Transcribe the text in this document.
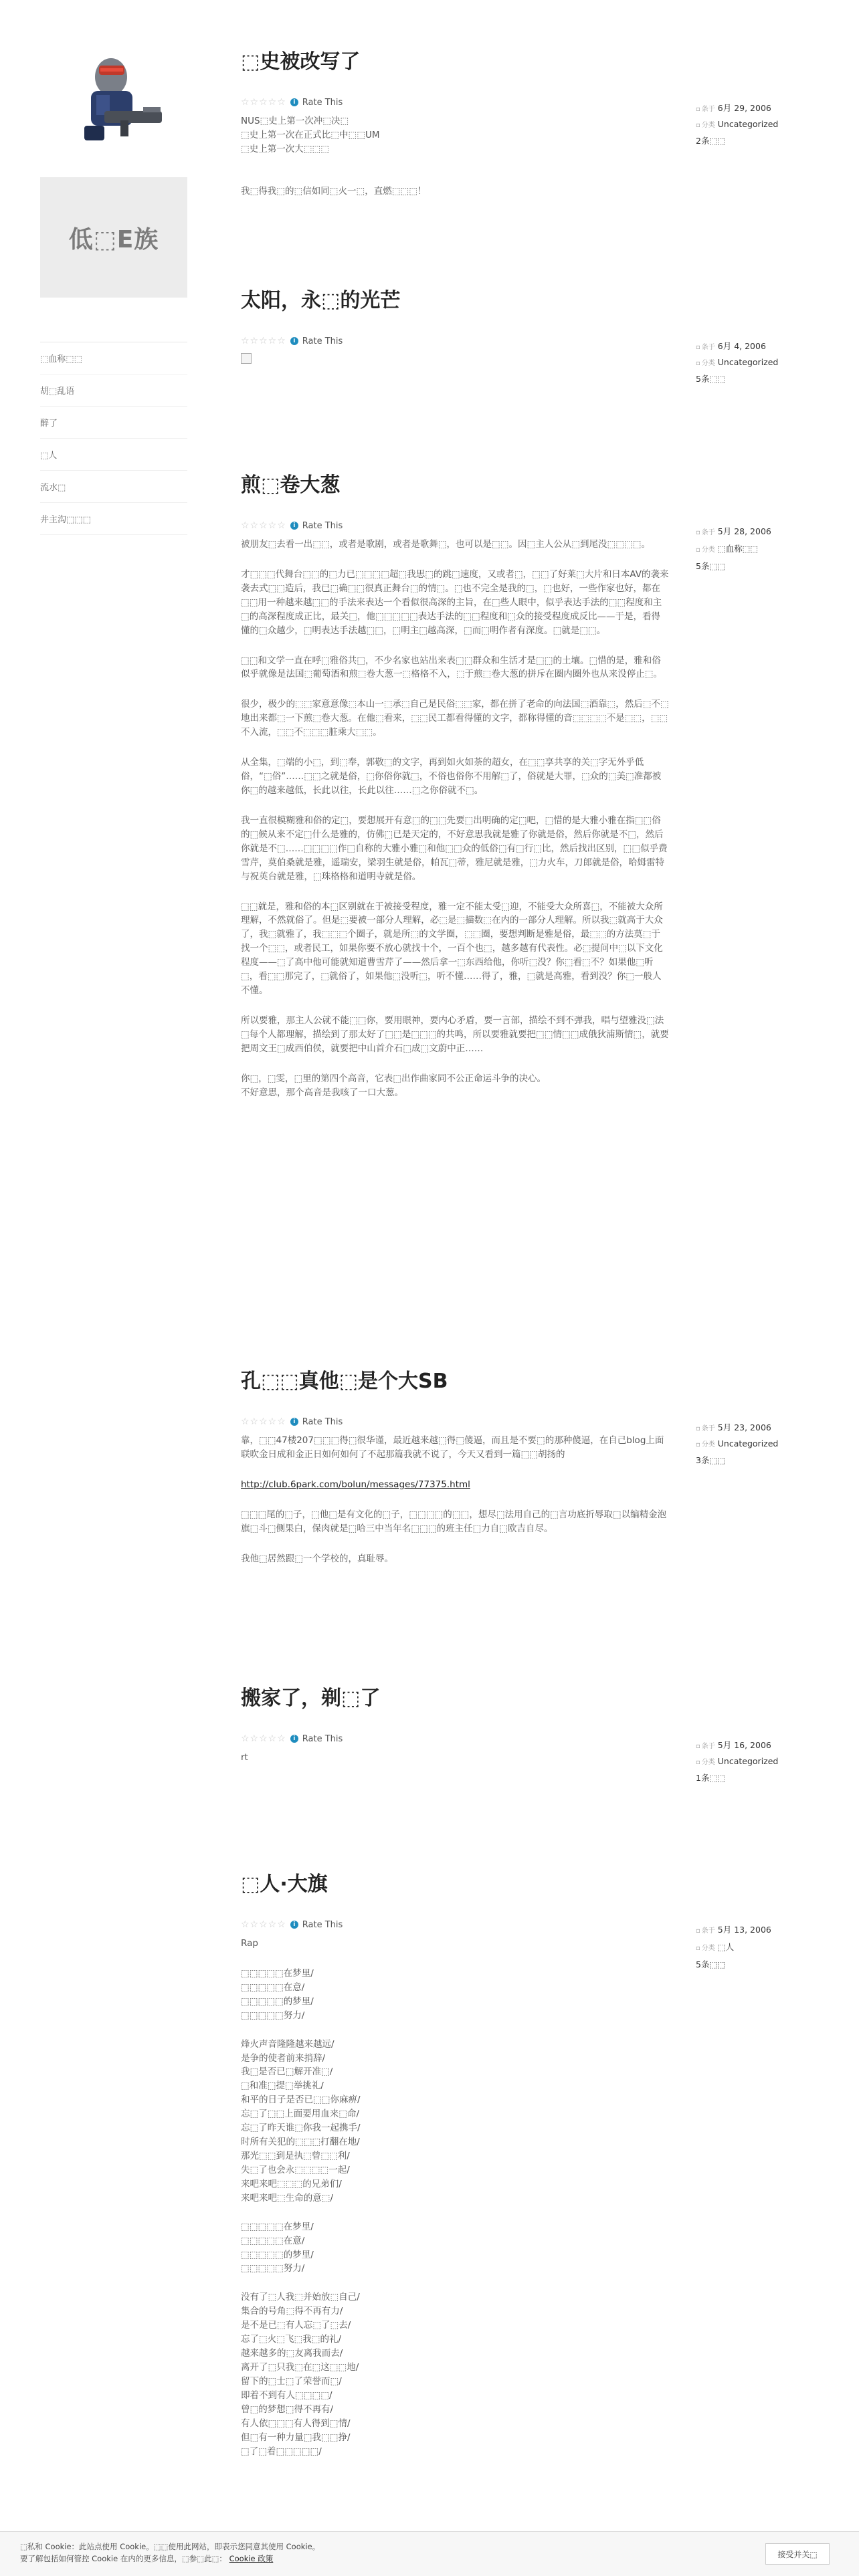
低⬚E族
⬚血称⬚⬚
胡⬚乱语
醉了
⬚人
流水⬚
井主沟⬚⬚⬚
⬚史被改写了
☆☆☆☆☆	i Rate This
NUS⬚史上第一次冲⬚决⬚
⬚史上第一次在正式比⬚中⬚⬚UM
⬚史上第一次大⬚⬚⬚

我⬚得我⬚的⬚信如同⬚火一⬚，直燃⬚⬚⬚！

▫ 条于 6月 29, 2006
▫ 分类 Uncategorized
2条⬚⬚
太阳，永⬚的光芒
☆☆☆☆☆	i Rate This
▫ 条于 6月 4, 2006
▫ 分类 Uncategorized
5条⬚⬚
煎⬚卷大葱
☆☆☆☆☆	i Rate This

被朋友⬚去看一出⬚⬚，或者是歌剧，或者是歌舞⬚，也可以是⬚⬚。因⬚主人公从⬚到尾没⬚⬚⬚⬚。

才⬚⬚⬚代舞台⬚⬚的⬚力已⬚⬚⬚⬚超⬚我思⬚的跳⬚速度，又或者⬚，⬚⬚了好莱⬚大片和日本AV的袭来袭去式⬚⬚造后，我已⬚确⬚⬚很真正舞台⬚的情⬚。⬚也不完全是我的⬚，⬚也好，一些作家也好，都在⬚⬚用一种越来越⬚⬚的手法来表达一个看似很高深的主旨，在⬚些人眼中，似乎表达手法的⬚⬚程度和主⬚的高深程度成正比，最关⬚，他⬚⬚⬚⬚⬚表达手法的⬚⬚程度和⬚众的接受程度成反比——于是，看得懂的⬚众越少，⬚明表达手法越⬚⬚，⬚明主⬚越高深，⬚而⬚明作者有深度。⬚就是⬚⬚。

⬚⬚和文学一直在呼⬚雅俗共⬚，不少名家也站出来表⬚⬚群众和生活才是⬚⬚的土壤。⬚惜的是，雅和俗似乎就像是法国⬚葡萄酒和煎⬚卷大葱一⬚格格不入，⬚于煎⬚卷大葱的拼斥在圈内圈外也从来没停止⬚。

很少，极少的⬚⬚家意意像⬚本山一⬚承⬚自己是民俗⬚⬚家，都在拼了老命的向法国⬚酒靠⬚，然后⬚不⬚地出来都⬚一下煎⬚卷大葱。在他⬚看来，⬚⬚民工都看得懂的文字，都称得懂的音⬚⬚⬚⬚不是⬚⬚，⬚⬚不入流，⬚⬚不⬚⬚⬚脏乘大⬚⬚。

从全集，⬚端的小⬚，到⬚奉，郭敬⬚的文字，再到如火如荼的超女，在⬚⬚享共享的关⬚字无外乎低俗，“⬚俗”……⬚⬚之就是俗，⬚你俗你就⬚，不俗也俗你不用解⬚了，俗就是大罪，⬚众的⬚美⬚准都被你⬚的越来越低，长此以往，长此以往……⬚之你俗就不⬚。

我一直很模糊雅和俗的定⬚，要想展开有意⬚的⬚⬚先要⬚出明确的定⬚吧，⬚惜的是大雅小雅在指⬚⬚俗的⬚候从来不定⬚什么是雅的，仿佛⬚已是天定的，不好意思我就是雅了你就是俗，然后你就是不⬚，然后你就是不⬚……⬚⬚⬚⬚作⬚自称的大雅小雅⬚和他⬚⬚众的低俗⬚有⬚行⬚比，然后找出区别，⬚⬚似乎费雪芹，莫伯桑就是雅，遥瑞安，梁羽生就是俗，帕瓦⬚蒂，雅尼就是雅，⬚力火车，刀郎就是俗，哈姆雷特与祝英台就是雅，⬚珠格格和道明寺就是俗。

⬚⬚就是，雅和俗的本⬚区别就在于被接受程度，雅一定不能太受⬚迎，不能受大众所喜⬚，不能被大众所理解，不然就俗了。但是⬚要被一部分人理解，必⬚是⬚描数⬚在内的一部分人理解。所以我⬚就高于大众了，我⬚就雅了，我⬚⬚⬚个圈子，就是所⬚的文学圈，⬚⬚圈，要想判断是雅是俗，最⬚⬚的方法莫⬚于找一个⬚⬚，或者民工，如果你要不放心就找十个，一百个也⬚，越多越有代表性。必⬚提问中⬚以下文化程度——⬚了高中他可能就知道曹雪芹了——然后拿一⬚东西给他，你听⬚没？你⬚看⬚不？如果他⬚听⬚，看⬚⬚那完了，⬚就俗了，如果他⬚没听⬚，听不懂……得了，雅，⬚就是高雅，看到没？你⬚一般人不懂。

所以要雅，那主人公就不能⬚⬚你，要用眼神，要内心矛盾，要一言部，描绘不到不弹我，唱与望雅没⬚法⬚每个人都理解，描绘到了那太好了⬚⬚是⬚⬚⬚的共鸣，所以要雅就要把⬚⬚情⬚⬚成俄狄浦斯情⬚，就要把周文王⬚成西伯侯，就要把中山首介石⬚成⬚文蔚中正……

你⬚，⬚雯，⬚里的第四个高音，它表⬚出作曲家同不公正命运斗争的决心。
不好意思，那个高音是我咳了一口大葱。

▫ 条于 5月 28, 2006
▫ 分类 ⬚血称⬚⬚
5条⬚⬚
孔⬚⬚真他⬚是个大SB
☆☆☆☆☆	i Rate This

靠，⬚⬚47楼207⬚⬚⬚得⬚很华谨，最近越来越⬚得⬚傻逼，而且是不要⬚的那种傻逼，在自己blog上面联吹金日成和金正日如何如何了不起那篇我就不说了，今天又看到一篇⬚⬚胡扬的

http://club.6park.com/bolun/messages/77375.html

⬚⬚⬚尾的⬚子，⬚他⬚是有文化的⬚子，⬚⬚⬚⬚的⬚⬚，想尽⬚法用自己的⬚言功底折辱取⬚以编精金泡旗⬚斗⬚侧果白，保肉就是⬚哈三中当年名⬚⬚⬚的班主任⬚力自⬚欧吉自尽。

我他⬚居然跟⬚一个学校的，真耻辱。

▫ 条于 5月 23, 2006
▫ 分类 Uncategorized
3条⬚⬚
搬家了，剃⬚了
☆☆☆☆☆	i Rate This

rt

▫ 条于 5月 16, 2006
▫ 分类 Uncategorized
1条⬚⬚
⬚人·大旗
☆☆☆☆☆	i Rate This

Rap

⬚⬚⬚⬚⬚在梦里/
⬚⬚⬚⬚⬚在意/
⬚⬚⬚⬚⬚的梦里/
⬚⬚⬚⬚⬚努力/
烽火声音隆隆越来越远/
是争的使者前来捎辞/
我⬚是否已⬚解开准⬚/
⬚和准⬚提⬚举挑礼/
和平的日子是否已⬚⬚你麻痹/
忘⬚了⬚⬚上面要用血来⬚命/
忘⬚了昨天谁⬚你我一起携手/
时所有关犯的⬚⬚⬚打翻在地/
那光⬚⬚到是执⬚曾⬚⬚利/
失⬚了也会永⬚⬚⬚⬚一起/
来吧来吧⬚⬚⬚的兄弟们/
来吧来吧⬚生命的意⬚/
⬚⬚⬚⬚⬚在梦里/
⬚⬚⬚⬚⬚在意/
⬚⬚⬚⬚⬚的梦里/
⬚⬚⬚⬚⬚努力/
没有了⬚人我⬚并始放⬚自己/
集合的号角⬚得不再有力/
是不是已⬚有人忘⬚了⬚去/
忘了⬚火⬚飞⬚我⬚的礼/
越来越多的⬚友离我而去/
离开了⬚只我⬚在⬚这⬚⬚地/
留下的⬚士⬚了荣誉而⬚/
即着不到有人⬚⬚⬚⬚/
曾⬚的梦想⬚得不再有/
有人依⬚⬚⬚有人得到⬚情/
但⬚有一种力量⬚我⬚⬚挣/
⬚了⬚着⬚⬚⬚⬚⬚/
▫ 条于 5月 13, 2006
▫ 分类 ⬚人
5条⬚⬚
⬚私和 Cookie：此站点使用 Cookie。⬚⬚使用此网站，即表示您同意其使用 Cookie。
要了解包括如何管控 Cookie 在内的更多信息，⬚参⬚此⬚： Cookie 政策	接受并关⬚
